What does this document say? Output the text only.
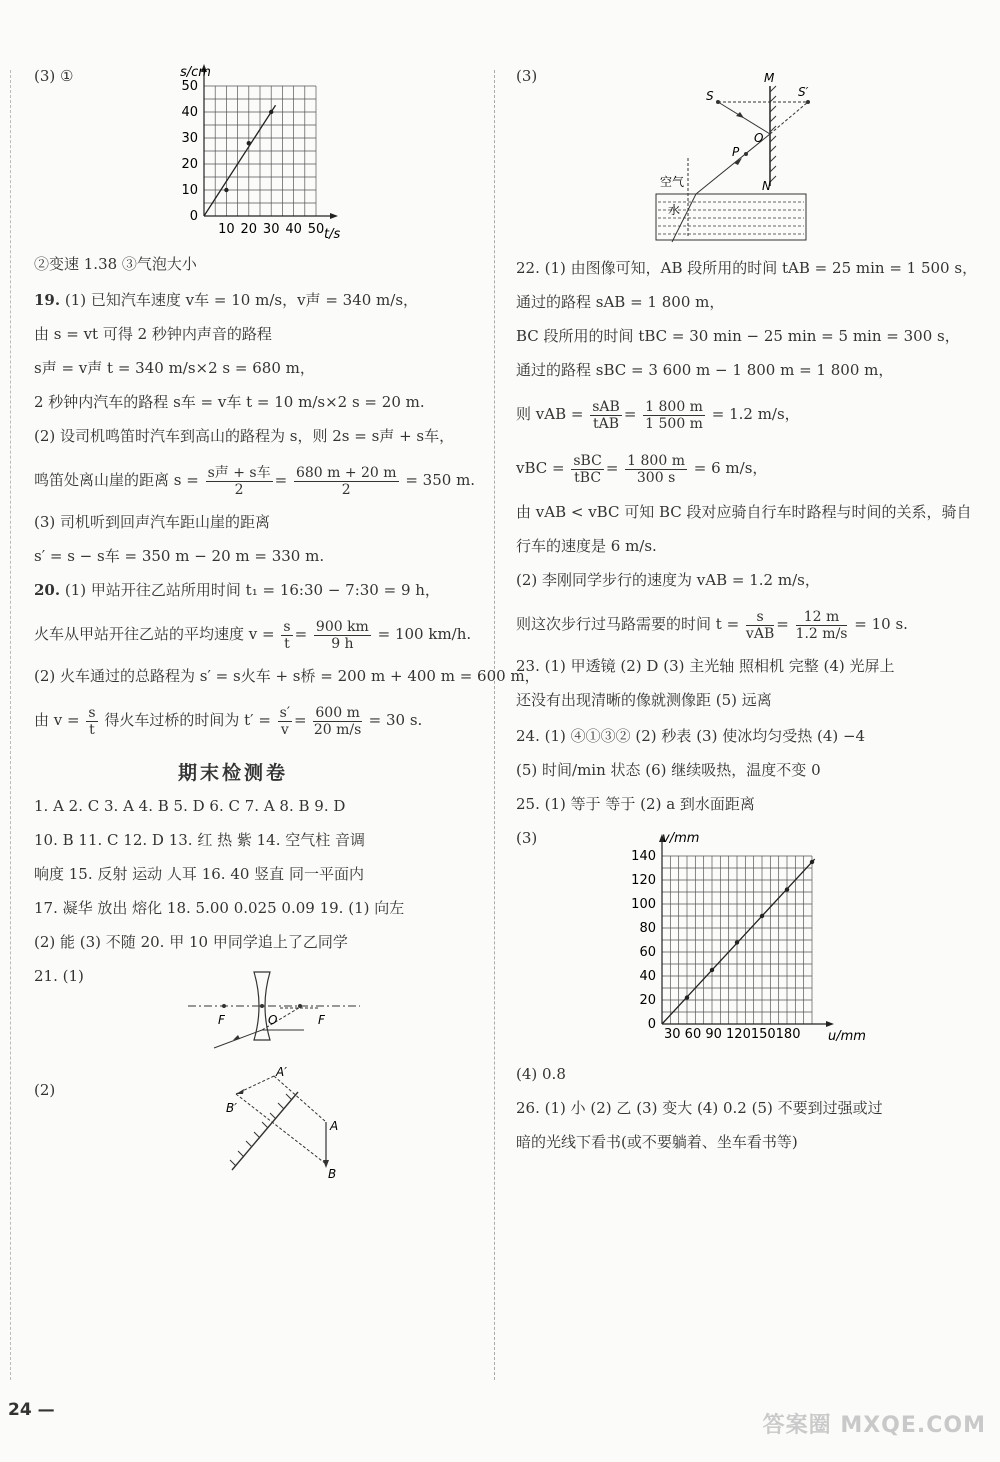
(3) ①
0
10
20
30
40
50
10 20 30 40 50
s/cm
t/s
②变速 1.38 ③气泡大小
19. (1) 已知汽车速度 v车 = 10 m/s，v声 = 340 m/s，
由 s = vt 可得 2 秒钟内声音的路程
s声 = v声 t = 340 m/s×2 s = 680 m，
2 秒钟内汽车的路程 s车 = v车 t = 10 m/s×2 s = 20 m.
(2) 设司机鸣笛时汽车到高山的路程为 s，则 2s = s声 + s车，
鸣笛处离山崖的距离 $s = \frac{\text{s声 + s车}}{2} = \frac{680 m + 20 m}{2} = 350$ m.
(3) 司机听到回声汽车距山崖的距离
s′ = s − s车 = 350 m − 20 m = 330 m.
20. (1) 甲站开往乙站所用时间 t₁ = 16:30 − 7:30 = 9 h，
火车从甲站开往乙站的平均速度 $v = \frac{s}{t} = \frac{900 km}{9 h} = 100$ km/h.
(2) 火车通过的总路程为 s′ = s火车 + s桥 = 200 m + 400 m = 600 m，
由 $v = \frac{s}{t}$ 得火车过桥的时间为 $t' = \frac{s'}{v} = \frac{600 m}{20 m/s} = 30$ s.
期末检测卷
1. A 2. C 3. A 4. B 5. D 6. C 7. A 8. B 9. D
10. B 11. C 12. D 13. 红 热 紫 14. 空气柱 音调
响度 15. 反射 运动 人耳 16. 40 竖直 同一平面内
17. 凝华 放出 熔化 18. 5.00 0.025 0.09 19. (1) 向左
(2) 能 (3) 不随 20. 甲 10 甲同学追上了乙同学
21. (1)
F	O	F
(2)
A′
B′
A
B
(3)	M
N
S	S′
O
P
空气
水
22. (1) 由图像可知，AB 段所用的时间 tAB = 25 min = 1 500 s，
通过的路程 sAB = 1 800 m，
BC 段所用的时间 tBC = 30 min − 25 min = 5 min = 300 s，
通过的路程 sBC = 3 600 m − 1 800 m = 1 800 m，
则 vAB = $\frac{\text{sAB}}{\text{tAB}} = \frac{1 800 m}{1 500 m} = 1.2$ m/s，
vBC = $\frac{\text{sBC}}{\text{tBC}} = \frac{1 800 m}{300 s} = 6$ m/s，
由 vAB < vBC 可知 BC 段对应骑自行车时路程与时间的关系，骑自
行车的速度是 6 m/s.
(2) 李刚同学步行的速度为 vAB = 1.2 m/s，
则这次步行过马路需要的时间 $t = \frac{s}{\text{vAB}} = \frac{12 m}{1.2 m/s} = 10$ s.
23. (1) 甲透镜 (2) D (3) 主光轴 照相机 完整 (4) 光屏上
还没有出现清晰的像就测像距 (5) 远离
24. (1) ④①③② (2) 秒表 (3) 使冰均匀受热 (4) −4
(5) 时间/min 状态 (6) 继续吸热，温度不变 0
25. (1) 等于 等于 (2) a 到水面距离
(3)
0
20
40
60
80
100
120
140
v/mm
u/mm
30 60 90 120150180
(4) 0.8
26. (1) 小 (2) 乙 (3) 变大 (4) 0.2 (5) 不要到过强或过
暗的光线下看书(或不要躺着、坐车看书等)
24 —
答案圈 MXQE.COM
